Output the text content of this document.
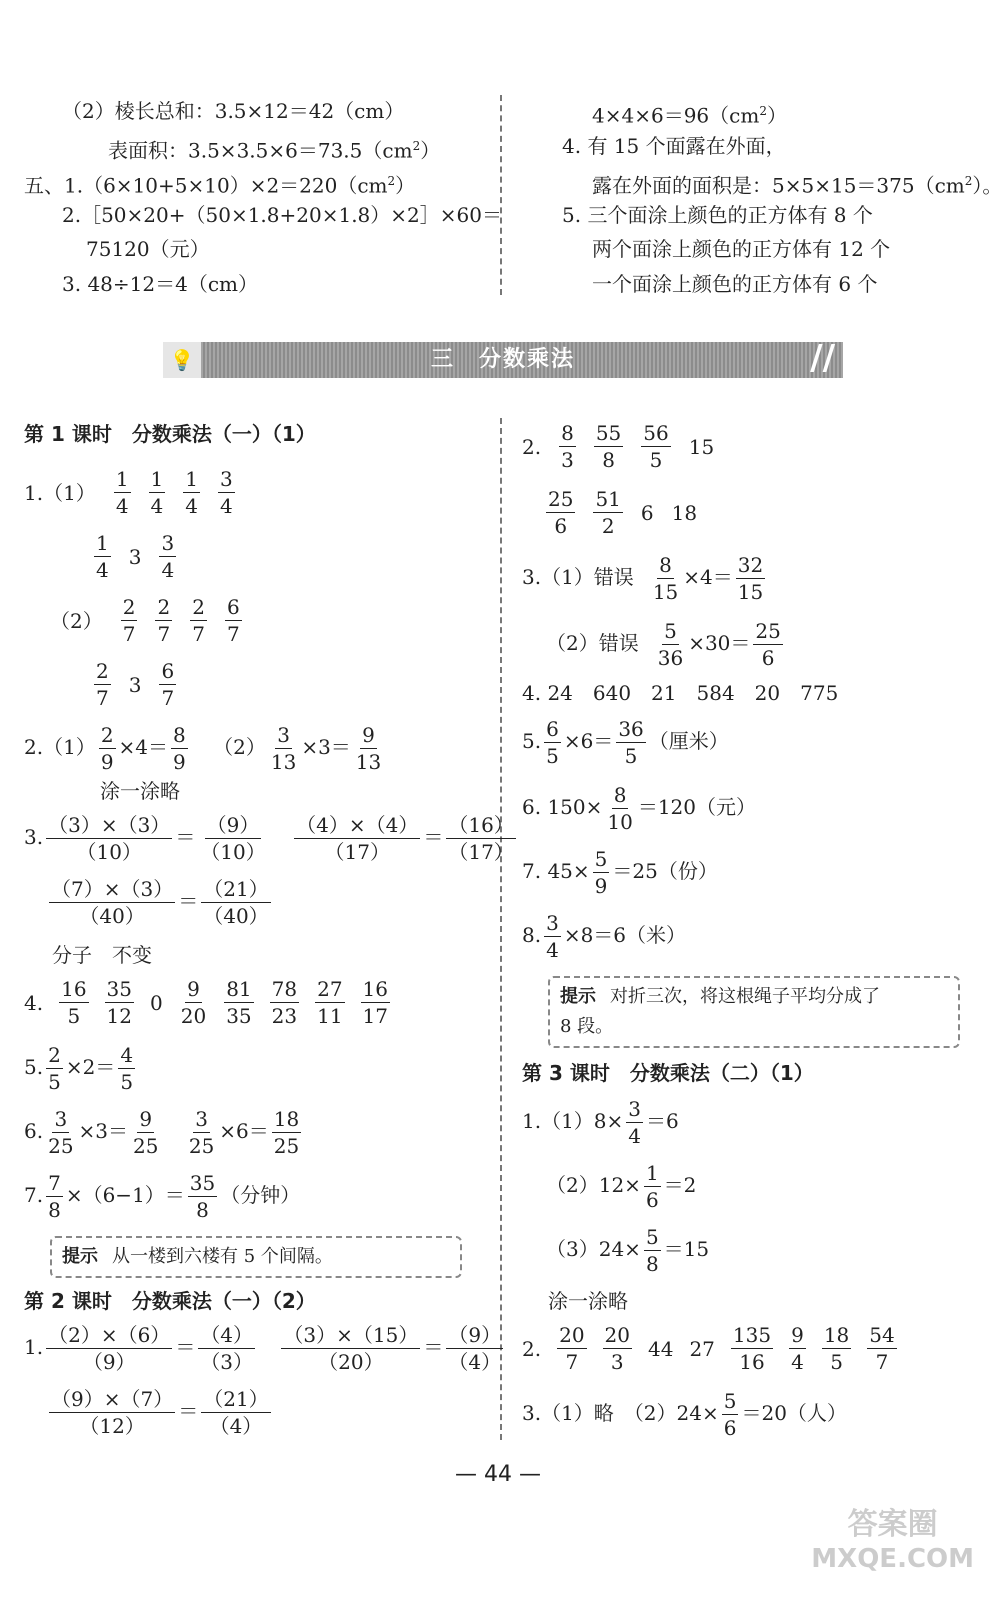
（2）棱长总和：3.5×12＝42（cm）
表面积：$3.5\times 3.5\times 6=73.5(cm^2)$
五、$1.(6\times 10+5\times 10)\times 2=220(cm^2)$
2.［50×20+（50×1.8+20×1.8）×2］×60＝
75120（元）
3. 48÷12＝4（cm）
$4\times 4\times 6=96(cm^2)$
4. 有 15 个面露在外面，
露在外面的面积是：$5\times 5\times 15=375(cm^2)$。
5. 三个面涂上颜色的正方体有 8 个
两个面涂上颜色的正方体有 12 个
一个面涂上颜色的正方体有 6 个
三　分数乘法
💡	//
第 1 课时　分数乘法（一）（1）
$1.(1) \frac{1}{4} \frac{1}{4} \frac{1}{4} \frac{3}{4}$
$\frac{1}{4} 3 \frac{3}{4}$
$(2) \frac{2}{7} \frac{2}{7} \frac{2}{7} \frac{6}{7}$
$\frac{2}{7} 3 \frac{6}{7}$
$2.(1) \frac{2}{9} \times 4= \frac{8}{9} (2) \frac{3}{13} \times 3= \frac{9}{13}$
涂一涂略
3. $\frac{(3)\times(3)}{(10)} = \frac{(9)}{(10)}$
$\frac{(4)\times(4)}{(17)} = \frac{(16)}{(17)}$
$\frac{(7)\times(3)}{(40)} = \frac{(21)}{(40)}$
分子　不变
4. $\frac{16}{5} \frac{35}{12} 0 \frac{9}{20} \frac{81}{35} \frac{78}{23} \frac{27}{11} \frac{16}{17}$
5. $\frac{2}{5} \times 2= \frac{4}{5}$
6. $\frac{3}{25} \times 3= \frac{9}{25}$
$\frac{3}{25} \times 6= \frac{18}{25}$
7. $\frac{7}{8} \times(6-1)= \frac{35}{8}$ （分钟）
提示 从一楼到六楼有 5 个间隔。
第 2 课时　分数乘法（一）（2）
1. $\frac{(2)\times(6)}{(9)} = \frac{(4)}{(3)}$
$\frac{(3)\times(15)}{(20)} = \frac{(9)}{(4)}$
$\frac{(9)\times(7)}{(12)} = \frac{(21)}{(4)}$
2. $\frac{8}{3} \frac{55}{8} \frac{56}{5} 15$
$\frac{25}{6} \frac{51}{2} 6$ 18
3.（1）错误 $\frac{8}{15} \times 4= \frac{32}{15}$
（2）错误 $\frac{5}{36} \times 30= \frac{25}{6}$
4. 24　640　21　584　20　775
5. $\frac{6}{5} \times 6= \frac{36}{5}$ （厘米）
6. $150\times \frac{8}{10} =120$（元）
7. $45\times \frac{5}{9} =25$（份）
8. $\frac{3}{4} \times 8=6$（米）
提示 对折三次，将这根绳子平均分成了
8 段。
第 3 课时　分数乘法（二）（1）
$1.(1)8\times \frac{3}{4} =6$
$(2)12\times \frac{1}{6} =2$
$(3)24\times \frac{5}{8} =15$
涂一涂略
2. $\frac{20}{7} \frac{20}{3} 44$ $27 \frac{135}{16} \frac{9}{4} \frac{18}{5} \frac{54}{7}$
3.（1）略　$(2)24\times \frac{5}{6} =20$（人）
— 44 —
答案圈
MXQE.COM
